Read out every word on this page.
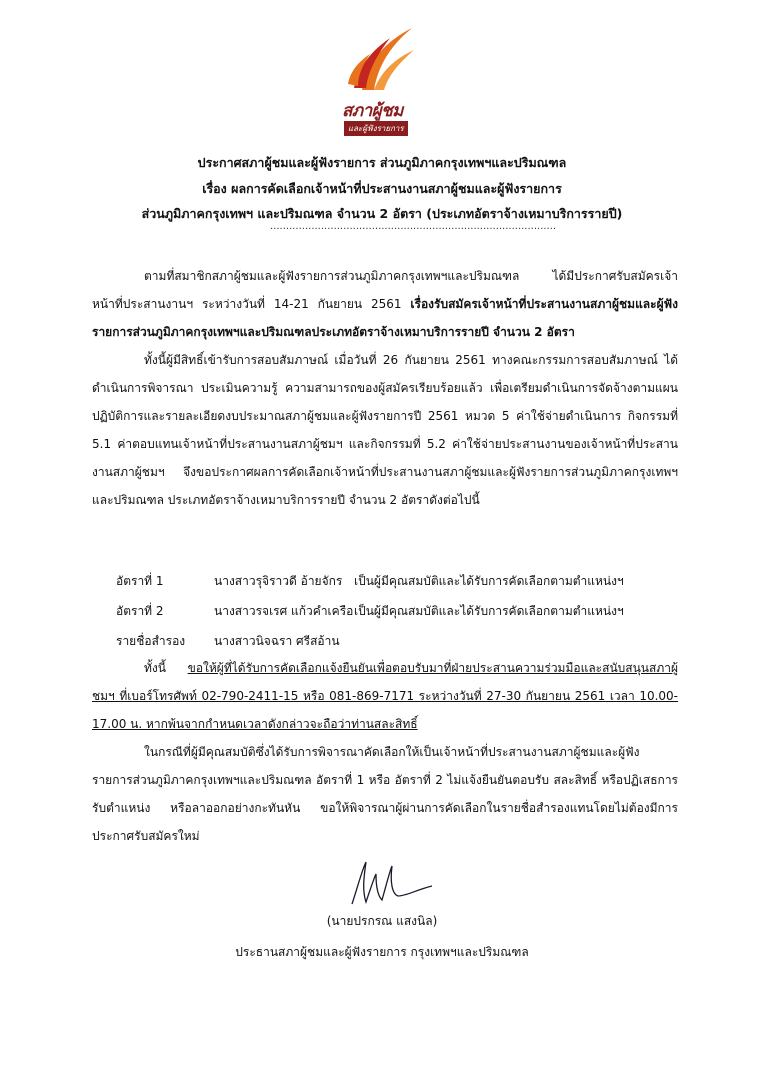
สภาผู้ชม
และผู้ฟังรายการ
ประกาศสภาผู้ชมและผู้ฟังรายการ ส่วนภูมิภาคกรุงเทพฯและปริมณฑล
เรื่อง ผลการคัดเลือกเจ้าหน้าที่ประสานงานสภาผู้ชมและผู้ฟังรายการ
ส่วนภูมิภาคกรุงเทพฯ และปริมณฑล จำนวน 2 อัตรา (ประเภทอัตราจ้างเหมาบริการรายปี)
..........................................................................................

ตามที่สมาชิกสภาผู้ชมและผู้ฟังรายการส่วนภูมิภาคกรุงเทพฯและปริมณฑล ได้มีประกาศรับสมัครเจ้าหน้าที่ประสานงานฯ ระหว่างวันที่ 14-21 กันยายน 2561 เรื่องรับสมัครเจ้าหน้าที่ประสานงานสภาผู้ชมและผู้ฟังรายการส่วนภูมิภาคกรุงเทพฯและปริมณฑลประเภทอัตราจ้างเหมาบริการรายปี จำนวน 2 อัตรา

ทั้งนี้ผู้มีสิทธิ์เข้ารับการสอบสัมภาษณ์ เมื่อวันที่ 26 กันยายน 2561 ทางคณะกรรมการสอบสัมภาษณ์ ได้ดำเนินการพิจารณา ประเมินความรู้ ความสามารถของผู้สมัครเรียบร้อยแล้ว เพื่อเตรียมดำเนินการจัดจ้างตามแผนปฏิบัติการและรายละเอียดงบประมาณสภาผู้ชมและผู้ฟังรายการปี 2561 หมวด 5 ค่าใช้จ่ายดำเนินการ กิจกรรมที่ 5.1 ค่าตอบแทนเจ้าหน้าที่ประสานงานสภาผู้ชมฯ และกิจกรรมที่ 5.2 ค่าใช้จ่ายประสานงานของเจ้าหน้าที่ประสานงานสภาผู้ชมฯ จึงขอประกาศผลการคัดเลือกเจ้าหน้าที่ประสานงานสภาผู้ชมและผู้ฟังรายการส่วนภูมิภาคกรุงเทพฯและปริมณฑล ประเภทอัตราจ้างเหมาบริการรายปี จำนวน 2 อัตราดังต่อไปนี้

อัตราที่ 1	นางสาวรุจิราวดี อ้ายจักร เป็นผู้มีคุณสมบัติและได้รับการคัดเลือกตามตำแหน่งฯ
อัตราที่ 2	นางสาวรจเรศ แก้วคำเครือ เป็นผู้มีคุณสมบัติและได้รับการคัดเลือกตามตำแหน่งฯ
รายชื่อสำรอง	นางสาวนิจฉรา ศรีสอ้าน

ทั้งนี้ ขอให้ผู้ที่ได้รับการคัดเลือกแจ้งยืนยันเพื่อตอบรับมาที่ฝ่ายประสานความร่วมมือและสนับสนุนสภาผู้ชมฯ ที่เบอร์โทรศัพท์ 02-790-2411-15 หรือ 081-869-7171 ระหว่างวันที่ 27-30 กันยายน 2561 เวลา 10.00-17.00 น. หากพ้นจากกำหนดเวลาดังกล่าวจะถือว่าท่านสละสิทธิ์

ในกรณีที่ผู้มีคุณสมบัติซึ่งได้รับการพิจารณาคัดเลือกให้เป็นเจ้าหน้าที่ประสานงานสภาผู้ชมและผู้ฟังรายการส่วนภูมิภาคกรุงเทพฯและปริมณฑล อัตราที่ 1 หรือ อัตราที่ 2 ไม่แจ้งยืนยันตอบรับ สละสิทธิ์ หรือปฏิเสธการรับตำแหน่ง หรือลาออกอย่างกะทันหัน ขอให้พิจารณาผู้ผ่านการคัดเลือกในรายชื่อสำรองแทนโดยไม่ต้องมีการประกาศรับสมัครใหม่

(นายปรกรณ แสงนิล)
ประธานสภาผู้ชมและผู้ฟังรายการ กรุงเทพฯและปริมณฑล
